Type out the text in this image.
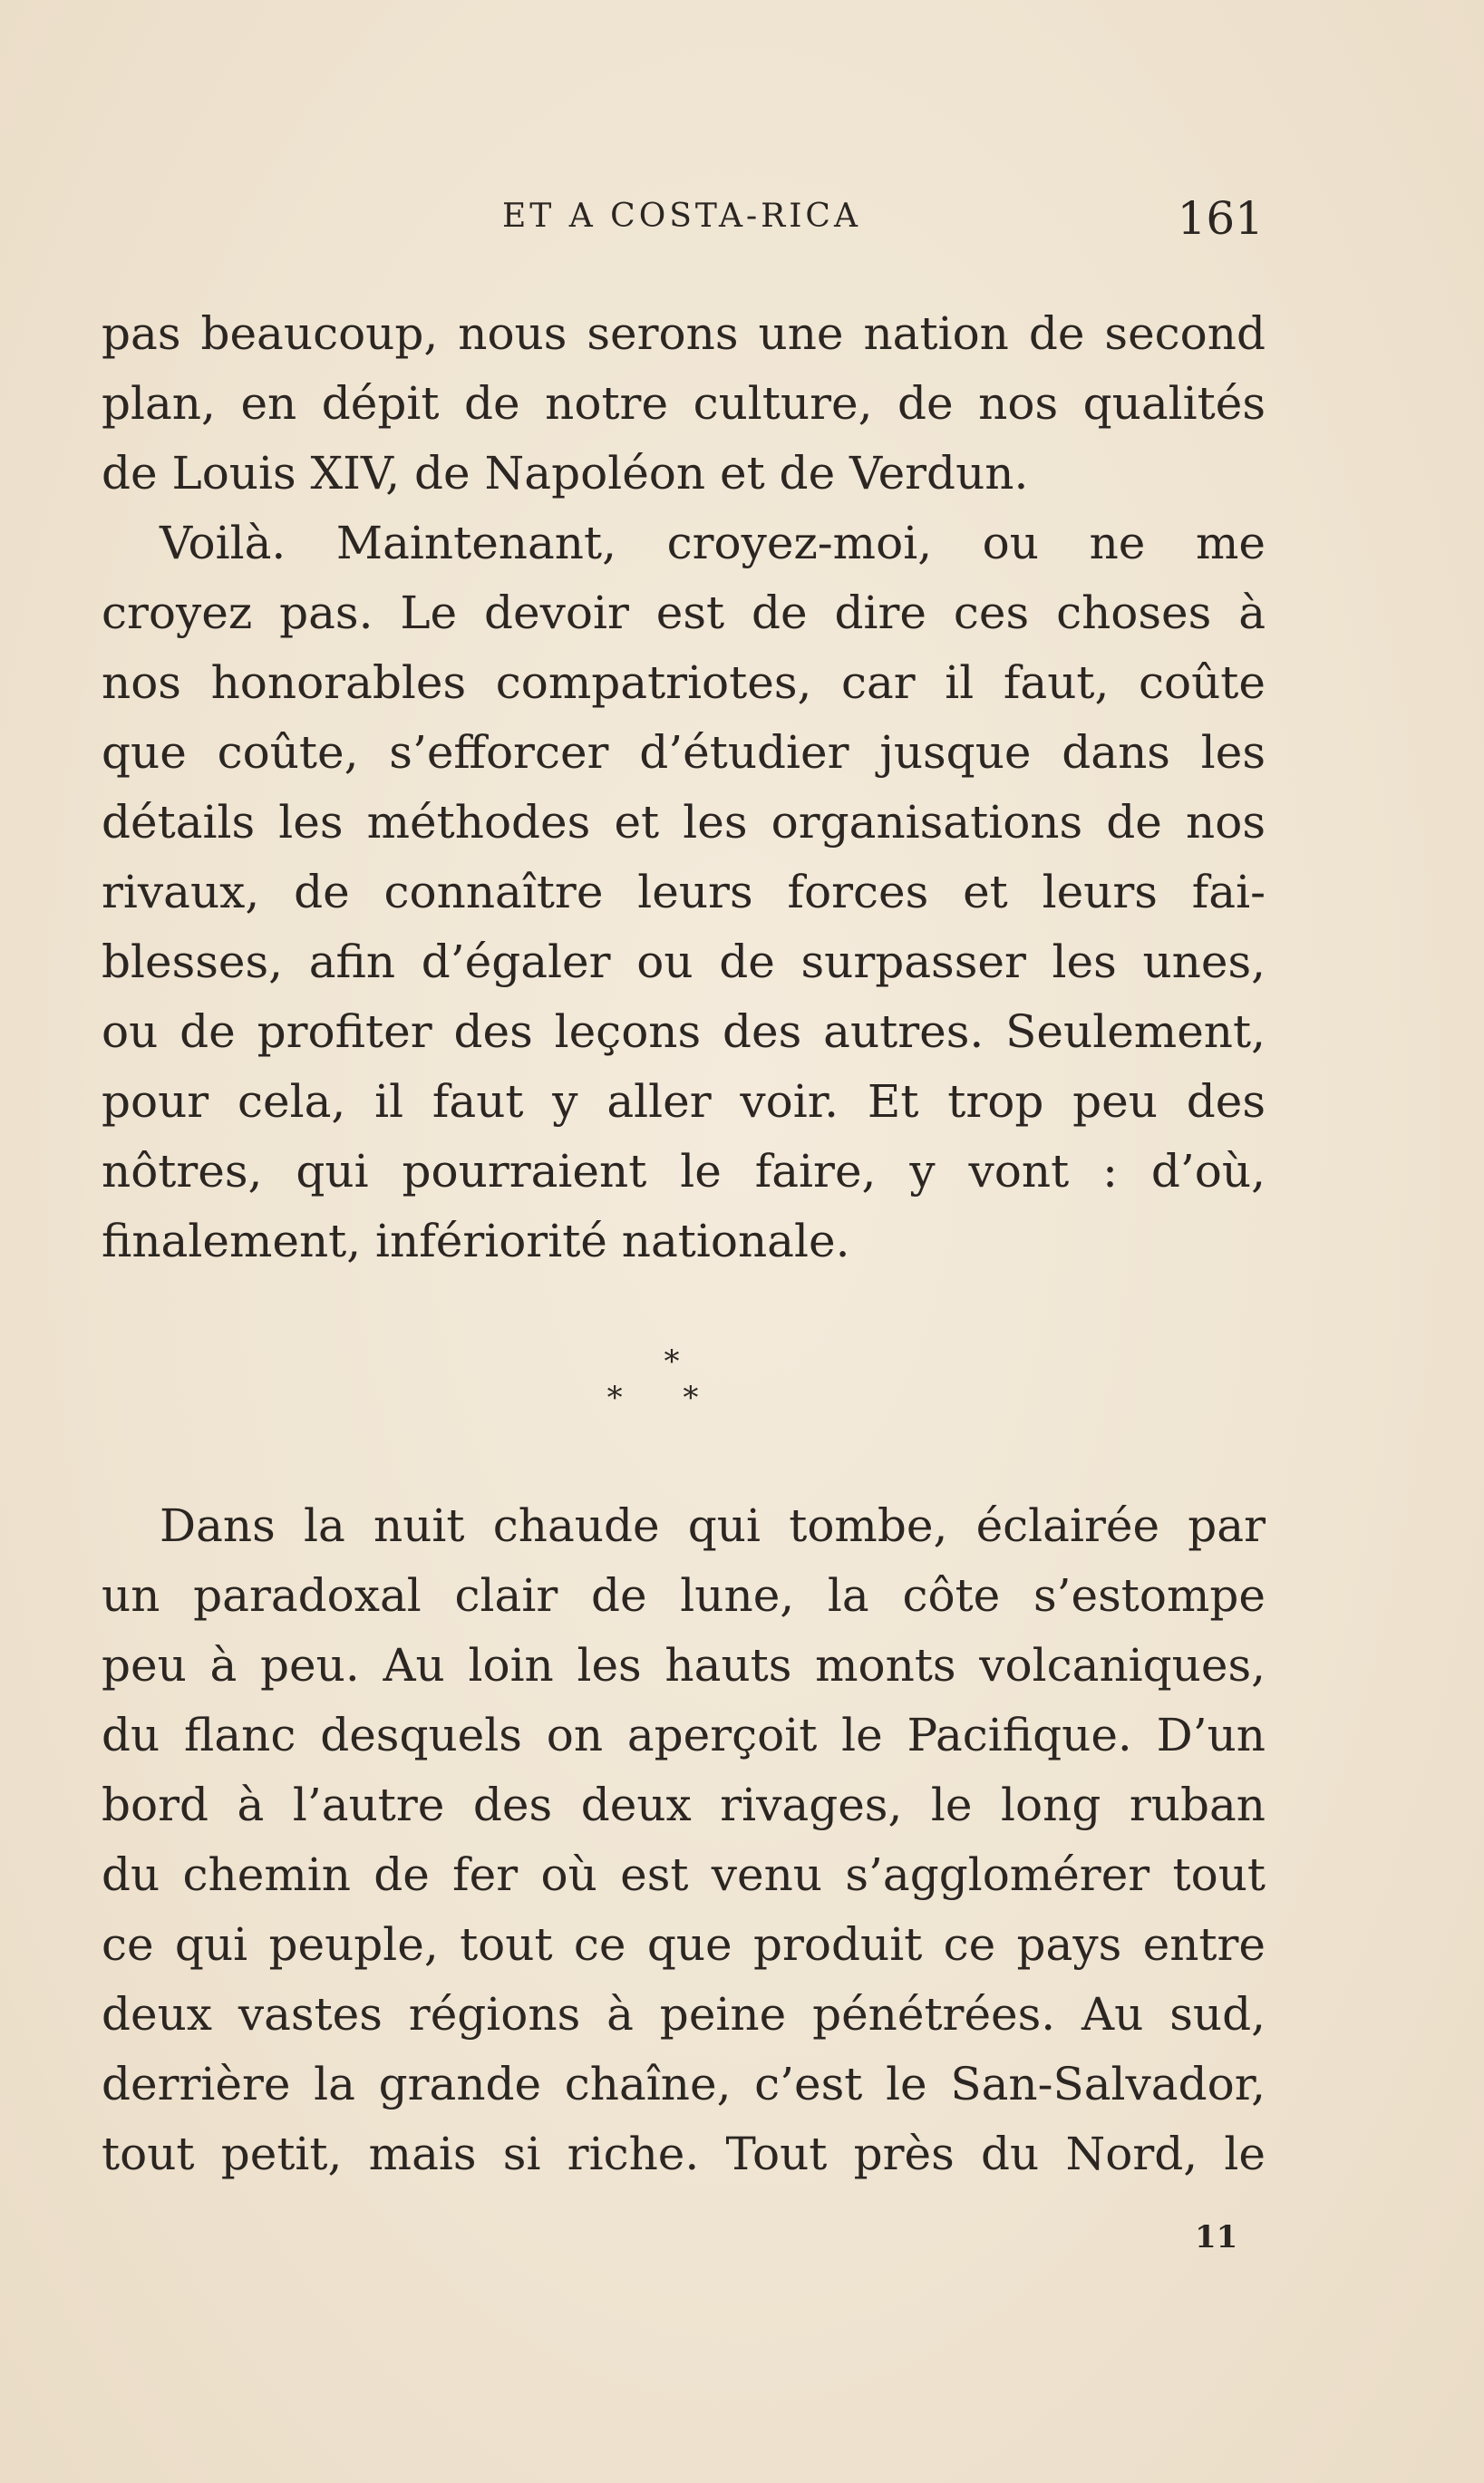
ET A COSTA-RICA	161
pas beaucoup, nous serons une nation de second
plan, en dépit de notre culture, de nos qualités
de Louis XIV, de Napoléon et de Verdun.
Voilà. Maintenant, croyez-moi, ou ne me
croyez pas. Le devoir est de dire ces choses à
nos honorables compatriotes, car il faut, coûte
que coûte, s’efforcer d’étudier jusque dans les
détails les méthodes et les organisations de nos
rivaux, de connaître leurs forces et leurs fai-
blesses, afin d’égaler ou de surpasser les unes,
ou de profiter des leçons des autres. Seulement,
pour cela, il faut y aller voir. Et trop peu des
nôtres, qui pourraient le faire, y vont : d’où,
finalement, infériorité nationale.
*
* *
Dans la nuit chaude qui tombe, éclairée par
un paradoxal clair de lune, la côte s’estompe
peu à peu. Au loin les hauts monts volcaniques,
du flanc desquels on aperçoit le Pacifique. D’un
bord à l’autre des deux rivages, le long ruban
du chemin de fer où est venu s’agglomérer tout
ce qui peuple, tout ce que produit ce pays entre
deux vastes régions à peine pénétrées. Au sud,
derrière la grande chaîne, c’est le San-Salvador,
tout petit, mais si riche. Tout près du Nord, le
11
